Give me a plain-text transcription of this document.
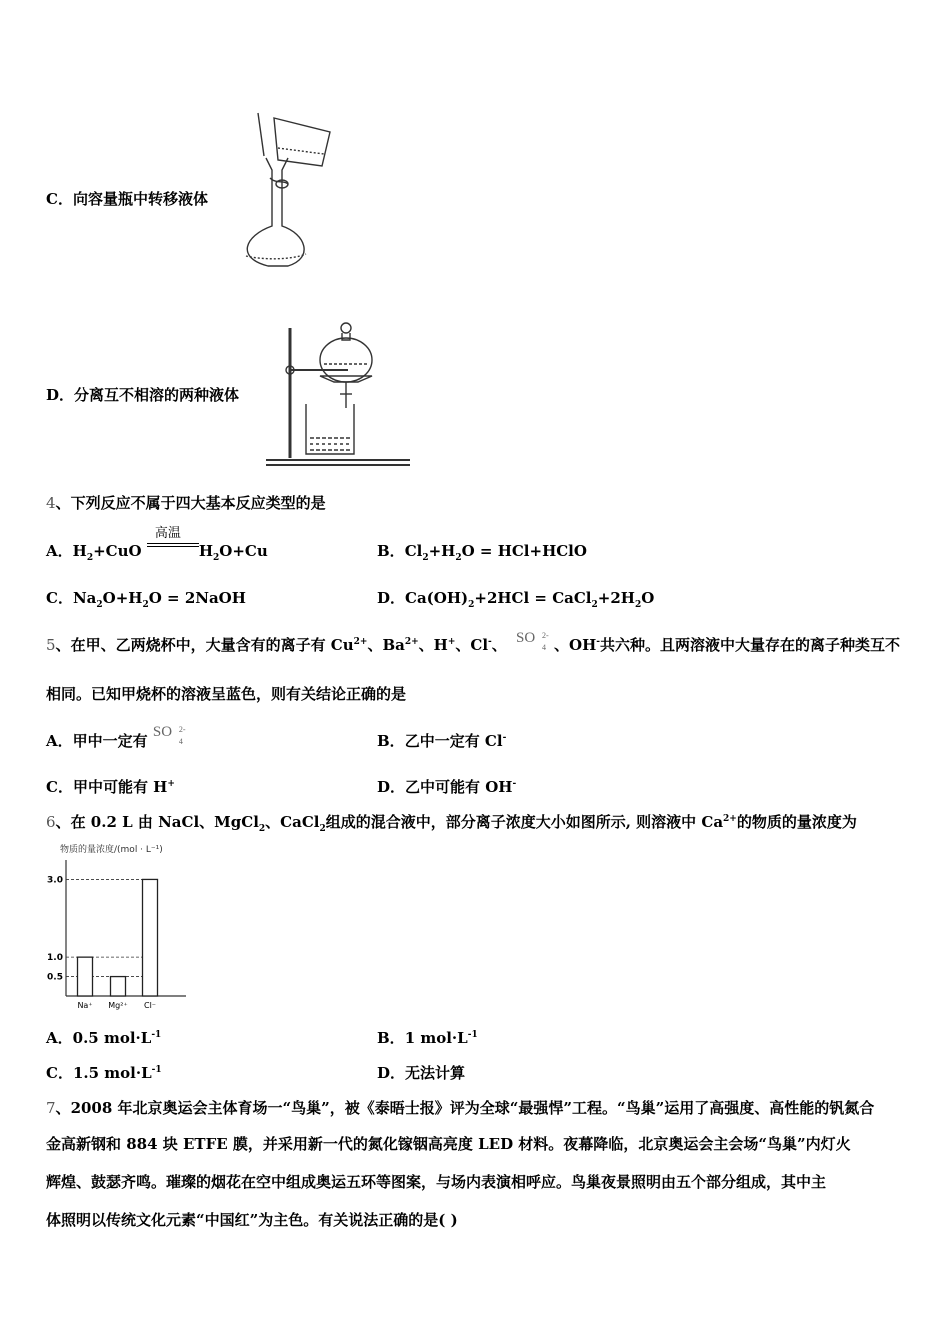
C．向容量瓶中转移液体
D．分离互不相溶的两种液体
4、下列反应不属于四大基本反应类型的是
A．$H_2+CuO$
高温
$H_2O+Cu$	B．$Cl_2+H_2O$ = HCl+HClO
C．$Na_2O+H_2O$ = 2NaOH	D．$Ca(OH)_2+2HCl$ = $CaCl_2+2H_2O$
5、在甲、乙两烧杯中，大量含有的离子有 $Cu^{2+}$、$Ba^{2+}$、H+、Cl-、 SO 2-
4 、OH-共六种。且两溶液中大量存在的离子种类互不
相同。已知甲烧杯的溶液呈蓝色，则有关结论正确的是
A．甲中一定有 SO 2-
4	B．乙中一定有 Cl-
C．甲中可能有 H+	D．乙中可能有 OH-
6、在 0.2 L 由 NaCl、MgCl$_2$、CaCl$_2$组成的混合液中，部分离子浓度大小如图所示, 则溶液中 $Ca^{2+}$的物质的量浓度为
物质的量浓度/(mol · L⁻¹)
Na⁺ Mg²⁺ Cl⁻
3.0
1.0
0.5
A．0.5 $mol\cdot L^{-1}$	B．1 $mol\cdot L^{-1}$
C．1.5 $mol\cdot L^{-1}$	D．无法计算
7、2008 年北京奥运会主体育场一“鸟巢”，被《泰晤士报》评为全球“最强悍”工程。“鸟巢”运用了高强度、高性能的钒氮合
金高新钢和 884 块 ETFE 膜，并采用新一代的氮化镓铟高亮度 LED 材料。夜幕降临，北京奥运会主会场“鸟巢”内灯火
辉煌、鼓瑟齐鸣。璀璨的烟花在空中组成奥运五环等图案，与场内表演相呼应。鸟巢夜景照明由五个部分组成，其中主
体照明以传统文化元素“中国红”为主色。有关说法正确的是( )
